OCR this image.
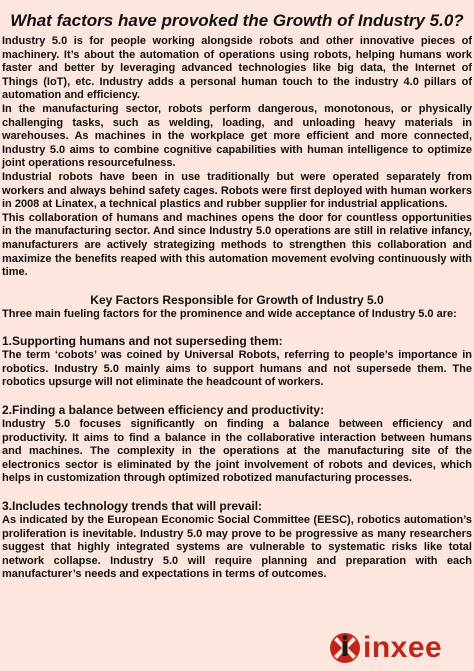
What factors have provoked the Growth of Industry 5.0?

Industry 5.0 is for people working alongside robots and other innovative pieces of machinery. It’s about the automation of operations using robots, helping humans work faster and better by leveraging advanced technologies like big data, the Internet of Things (IoT), etc. Industry adds a personal human touch to the industry 4.0 pillars of automation and efficiency.

In the manufacturing sector, robots perform dangerous, monotonous, or physically challenging tasks, such as welding, loading, and unloading heavy materials in warehouses. As machines in the workplace get more efficient and more connected, Industry 5.0 aims to combine cognitive capabilities with human intelligence to optimize joint operations resourcefulness.

Industrial robots have been in use traditionally but were operated separately from workers and always behind safety cages. Robots were first deployed with human workers in 2008 at Linatex, a technical plastics and rubber supplier for industrial applications.

This collaboration of humans and machines opens the door for countless opportunities in the manufacturing sector. And since Industry 5.0 operations are still in relative infancy, manufacturers are actively strategizing methods to strengthen this collaboration and maximize the benefits reaped with this automation movement evolving continuously with time.

Key Factors Responsible for Growth of Industry 5.0

Three main fueling factors for the prominence and wide acceptance of Industry 5.0 are:

1.Supporting humans and not superseding them:

The term ‘cobots’ was coined by Universal Robots, referring to people’s importance in robotics. Industry 5.0 mainly aims to support humans and not supersede them. The robotics upsurge will not eliminate the headcount of workers.

2.Finding a balance between efficiency and productivity:

Industry 5.0 focuses significantly on finding a balance between efficiency and productivity. It aims to find a balance in the collaborative interaction between humans and machines. The complexity in the operations at the manufacturing site of the electronics sector is eliminated by the joint involvement of robots and devices, which helps in customization through optimized robotized manufacturing processes.

3.Includes technology trends that will prevail:

As indicated by the European Economic Social Committee (EESC), robotics automation’s proliferation is inevitable. Industry 5.0 may prove to be progressive as many researchers suggest that highly integrated systems are vulnerable to systematic risks like total network collapse. Industry 5.0 will require planning and preparation with each manufacturer’s needs and expectations in terms of outcomes.

inxee
